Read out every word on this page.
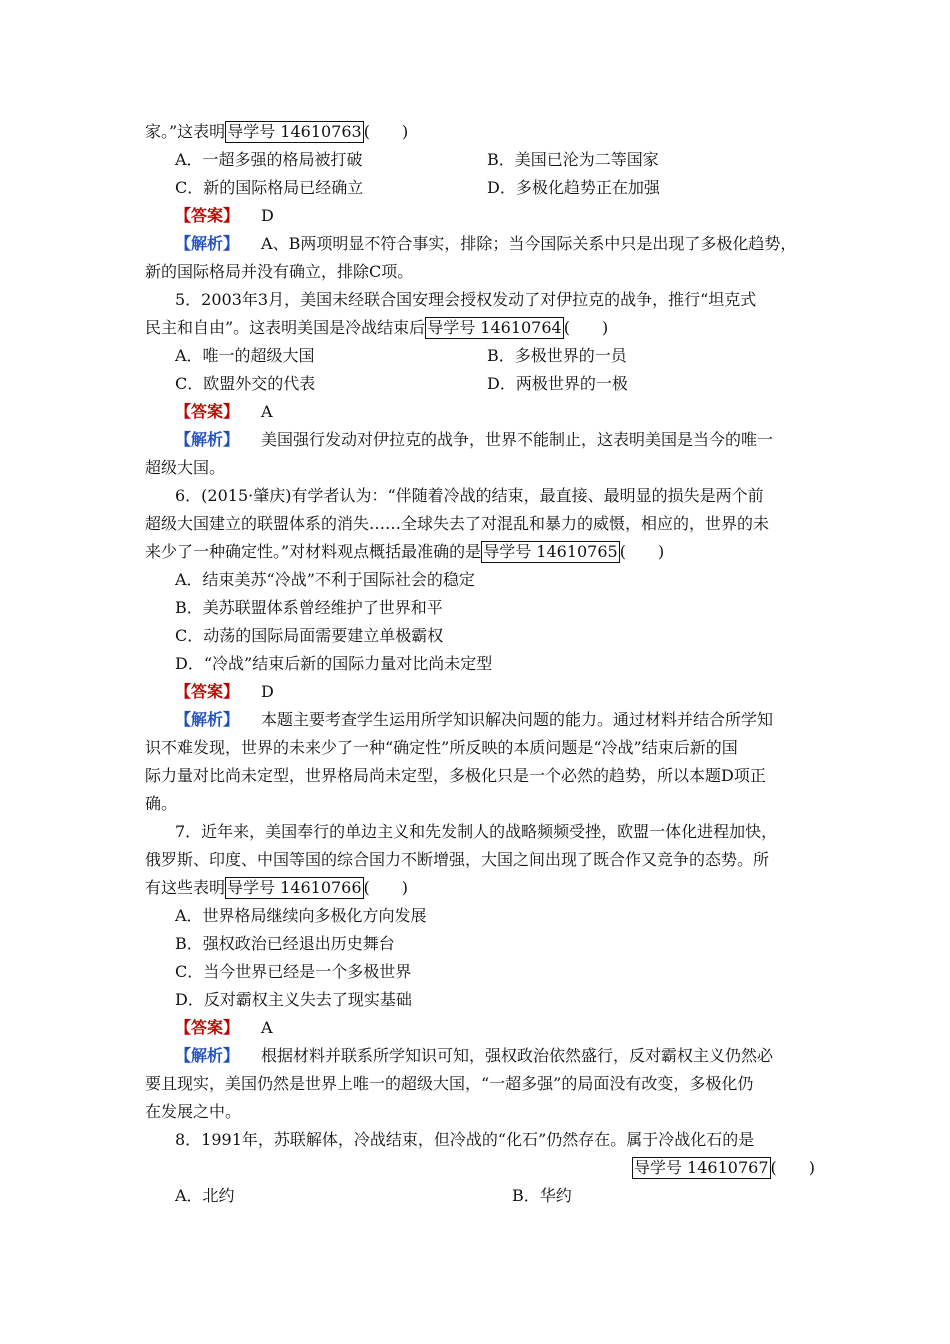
家。”这表明 导学号 14610763 (　　)
A．一超多强的格局被打破	B．美国已沦为二等国家
C．新的国际格局已经确立	D．多极化趋势正在加强
【答案】 D
【解析】 A、B两项明显不符合事实，排除；当今国际关系中只是出现了多极化趋势，
新的国际格局并没有确立，排除C项。
5．2003年3月，美国未经联合国安理会授权发动了对伊拉克的战争，推行“坦克式
民主和自由”。这表明美国是冷战结束后 导学号 14610764 (　　)
A．唯一的超级大国	B．多极世界的一员
C．欧盟外交的代表	D．两极世界的一极
【答案】 A
【解析】 美国强行发动对伊拉克的战争，世界不能制止，这表明美国是当今的唯一
超级大国。
6．(2015·肇庆)有学者认为：“伴随着冷战的结束，最直接、最明显的损失是两个前
超级大国建立的联盟体系的消失……全球失去了对混乱和暴力的威慑，相应的，世界的未
来少了一种确定性。”对材料观点概括最准确的是 导学号 14610765 (　　)
A．结束美苏“冷战”不利于国际社会的稳定
B．美苏联盟体系曾经维护了世界和平
C．动荡的国际局面需要建立单极霸权
D．“冷战”结束后新的国际力量对比尚未定型
【答案】 D
【解析】 本题主要考查学生运用所学知识解决问题的能力。通过材料并结合所学知
识不难发现，世界的未来少了一种“确定性”所反映的本质问题是“冷战”结束后新的国
际力量对比尚未定型，世界格局尚未定型，多极化只是一个必然的趋势，所以本题D项正
确。
7．近年来，美国奉行的单边主义和先发制人的战略频频受挫，欧盟一体化进程加快，
俄罗斯、印度、中国等国的综合国力不断增强，大国之间出现了既合作又竞争的态势。所
有这些表明 导学号 14610766 (　　)
A．世界格局继续向多极化方向发展
B．强权政治已经退出历史舞台
C．当今世界已经是一个多极世界
D．反对霸权主义失去了现实基础
【答案】 A
【解析】 根据材料并联系所学知识可知，强权政治依然盛行，反对霸权主义仍然必
要且现实，美国仍然是世界上唯一的超级大国，“一超多强”的局面没有改变，多极化仍
在发展之中。
8．1991年，苏联解体，冷战结束，但冷战的“化石”仍然存在。属于冷战化石的是
导学号 14610767 (　　)
A．北约	B．华约
